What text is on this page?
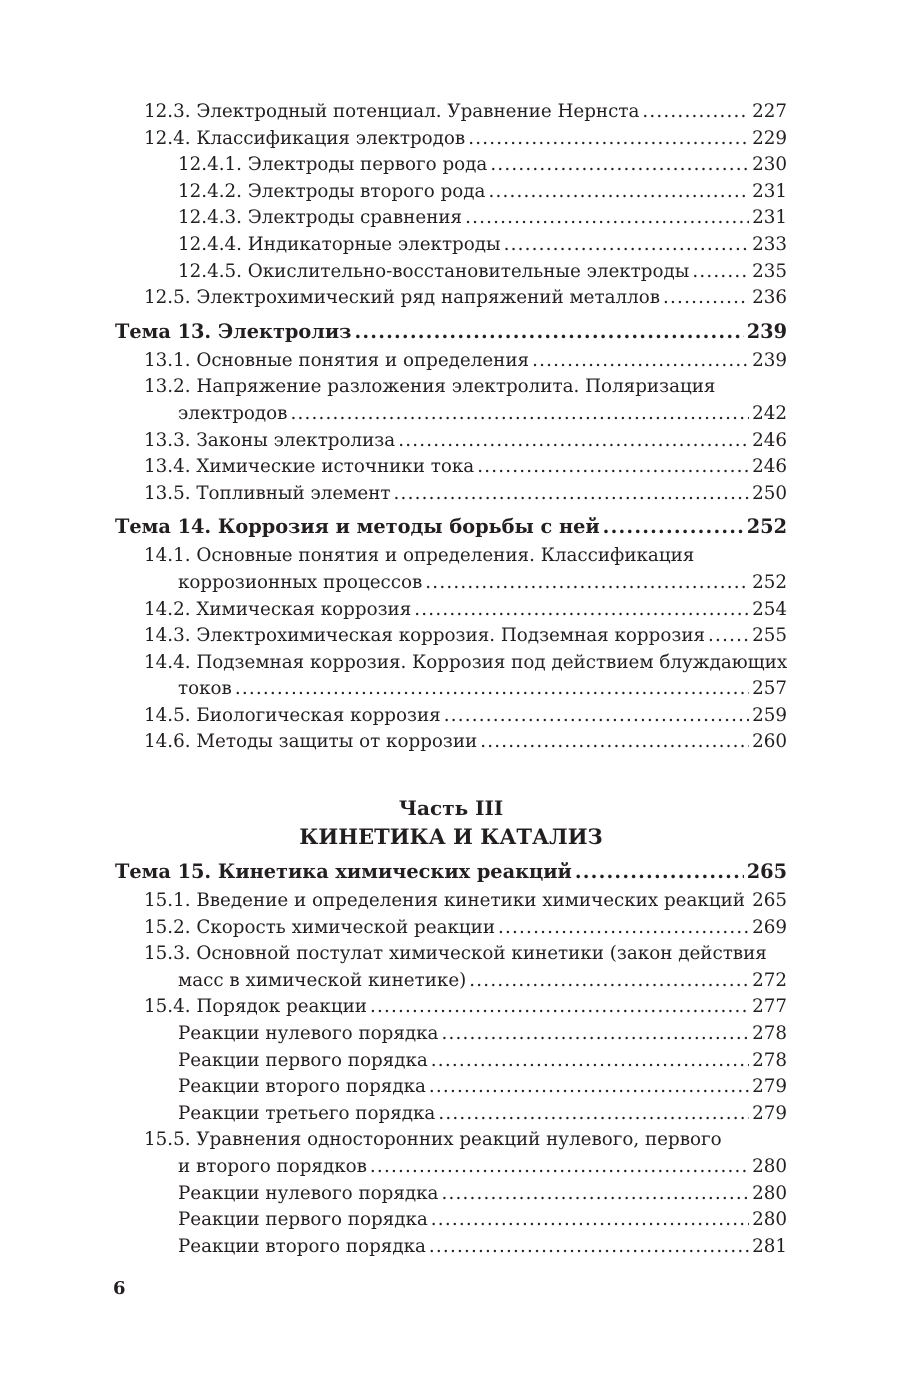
12.3. Электродный потенциал. Уравнение Нернста .....	227
12.4. Классификация электродов .....	229
12.4.1. Электроды первого рода .....	230
12.4.2. Электроды второго рода .....	231
12.4.3. Электроды сравнения .....	231
12.4.4. Индикаторные электроды .....	233
12.4.5. Окислительно-восстановительные электроды .....	235
12.5. Электрохимический ряд напряжений металлов .....	236
Тема 13. Электролиз .....	239
13.1. Основные понятия и определения .....	239
13.2. Напряжение разложения электролита. Поляризация
электродов .....	242
13.3. Законы электролиза .....	246
13.4. Химические источники тока .....	246
13.5. Топливный элемент .....	250
Тема 14. Коррозия и методы борьбы с ней .....	252
14.1. Основные понятия и определения. Классификация
коррозионных процессов .....	252
14.2. Химическая коррозия .....	254
14.3. Электрохимическая коррозия. Подземная коррозия .....	255
14.4. Подземная коррозия. Коррозия под действием блуждающих
токов .....	257
14.5. Биологическая коррозия .....	259
14.6. Методы защиты от коррозии .....	260
Часть III
КИНЕТИКА И КАТАЛИЗ
Тема 15. Кинетика химических реакций .....	265
15.1. Введение и определения кинетики химических реакций ..... 265
15.2. Скорость химической реакции .....	269
15.3. Основной постулат химической кинетики (закон действия
масс в химической кинетике) .....	272
15.4. Порядок реакции .....	277
Реакции нулевого порядка .....	278
Реакции первого порядка .....	278
Реакции второго порядка .....	279
Реакции третьего порядка .....	279
15.5. Уравнения односторонних реакций нулевого, первого
и второго порядков .....	280
Реакции нулевого порядка .....	280
Реакции первого порядка .....	280
Реакции второго порядка .....	281
6
